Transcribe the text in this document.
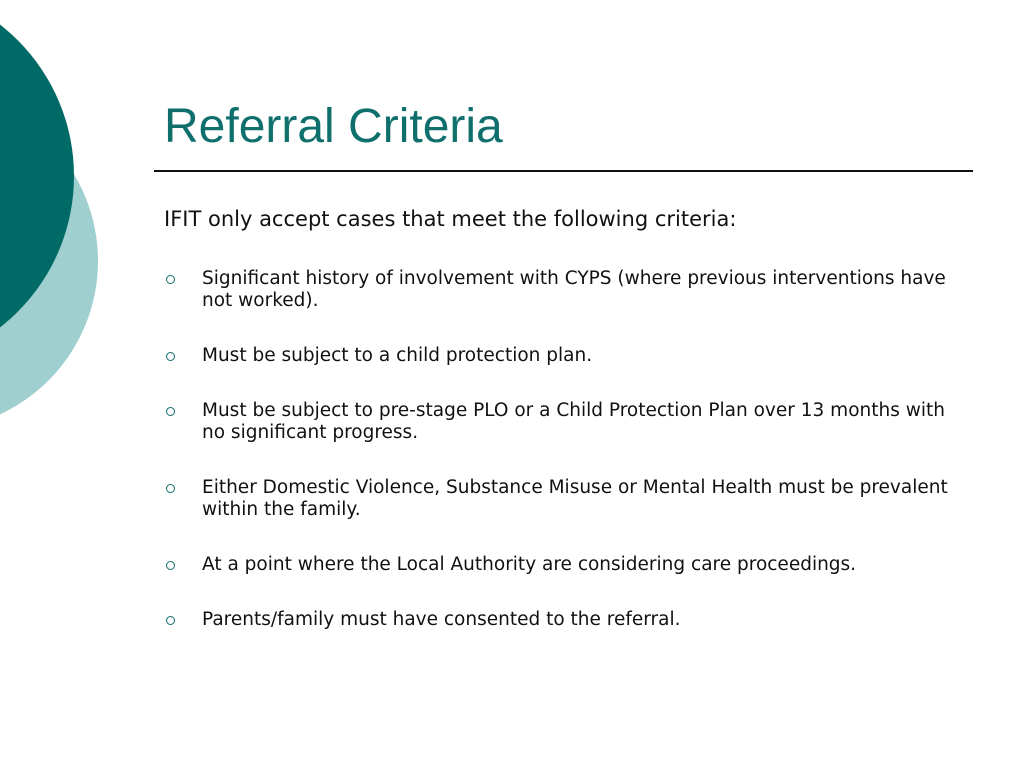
Referral Criteria

IFIT only accept cases that meet the following criteria:

Significant history of involvement with CYPS (where previous interventions have not worked).
Must be subject to a child protection plan.
Must be subject to pre-stage PLO or a Child Protection Plan over 13 months with no significant progress.
Either Domestic Violence, Substance Misuse or Mental Health must be prevalent within the family.
At a point where the Local Authority are considering care proceedings.
Parents/family must have consented to the referral.
